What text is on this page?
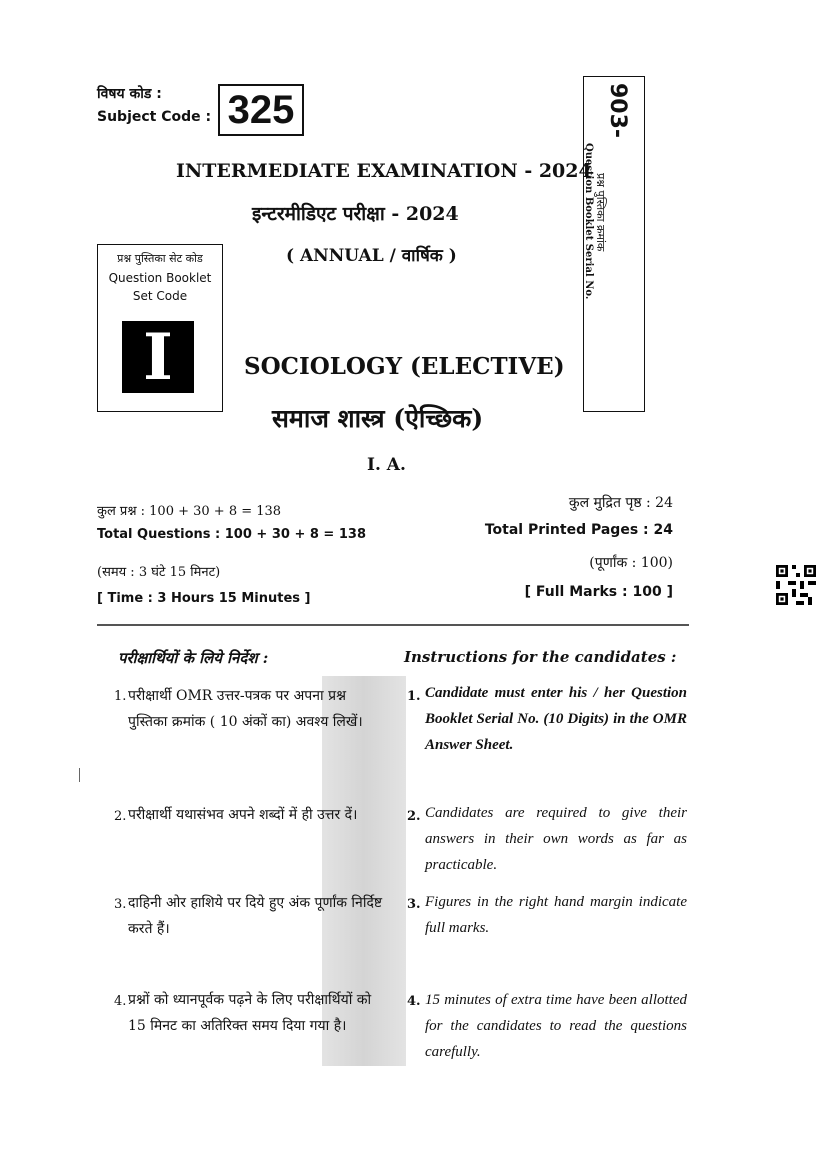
विषय कोड :
Subject Code : 325
INTERMEDIATE EXAMINATION - 2024
इन्टरमीडिएट परीक्षा - 2024
( ANNUAL / वार्षिक )
प्रश्न पुस्तिका सेट कोड
Question Booklet
Set Code
I
903-
प्रश्न पुस्तिका क्रमांक
Question Booklet Serial No.
SOCIOLOGY (ELECTIVE)
समाज शास्त्र (ऐच्छिक)
I. A.
कुल प्रश्न : 100 + 30 + 8 = 138
Total Questions : 100 + 30 + 8 = 138
(समय : 3 घंटे 15 मिनट)
[ Time : 3 Hours 15 Minutes ]
कुल मुद्रित पृष्ठ : 24
Total Printed Pages : 24
(पूर्णांक : 100)
[ Full Marks : 100 ]
परीक्षार्थियों के लिये निर्देश :	Instructions for the candidates :
1. परीक्षार्थी OMR उत्तर-पत्रक पर अपना प्रश्न पुस्तिका क्रमांक ( 10 अंकों का) अवश्य लिखें।
1. Candidate must enter his / her Question Booklet Serial No. (10 Digits) in the OMR Answer Sheet.
2. परीक्षार्थी यथासंभव अपने शब्दों में ही उत्तर दें।	2. Candidates are required to give their answers in their own words as far as practicable.
3. दाहिनी ओर हाशिये पर दिये हुए अंक पूर्णांक निर्दिष्ट करते हैं।
3. Figures in the right hand margin indicate full marks.
4. प्रश्नों को ध्यानपूर्वक पढ़ने के लिए परीक्षार्थियों को 15 मिनट का अतिरिक्त समय दिया गया है।
4. 15 minutes of extra time have been allotted for the candidates to read the questions carefully.
